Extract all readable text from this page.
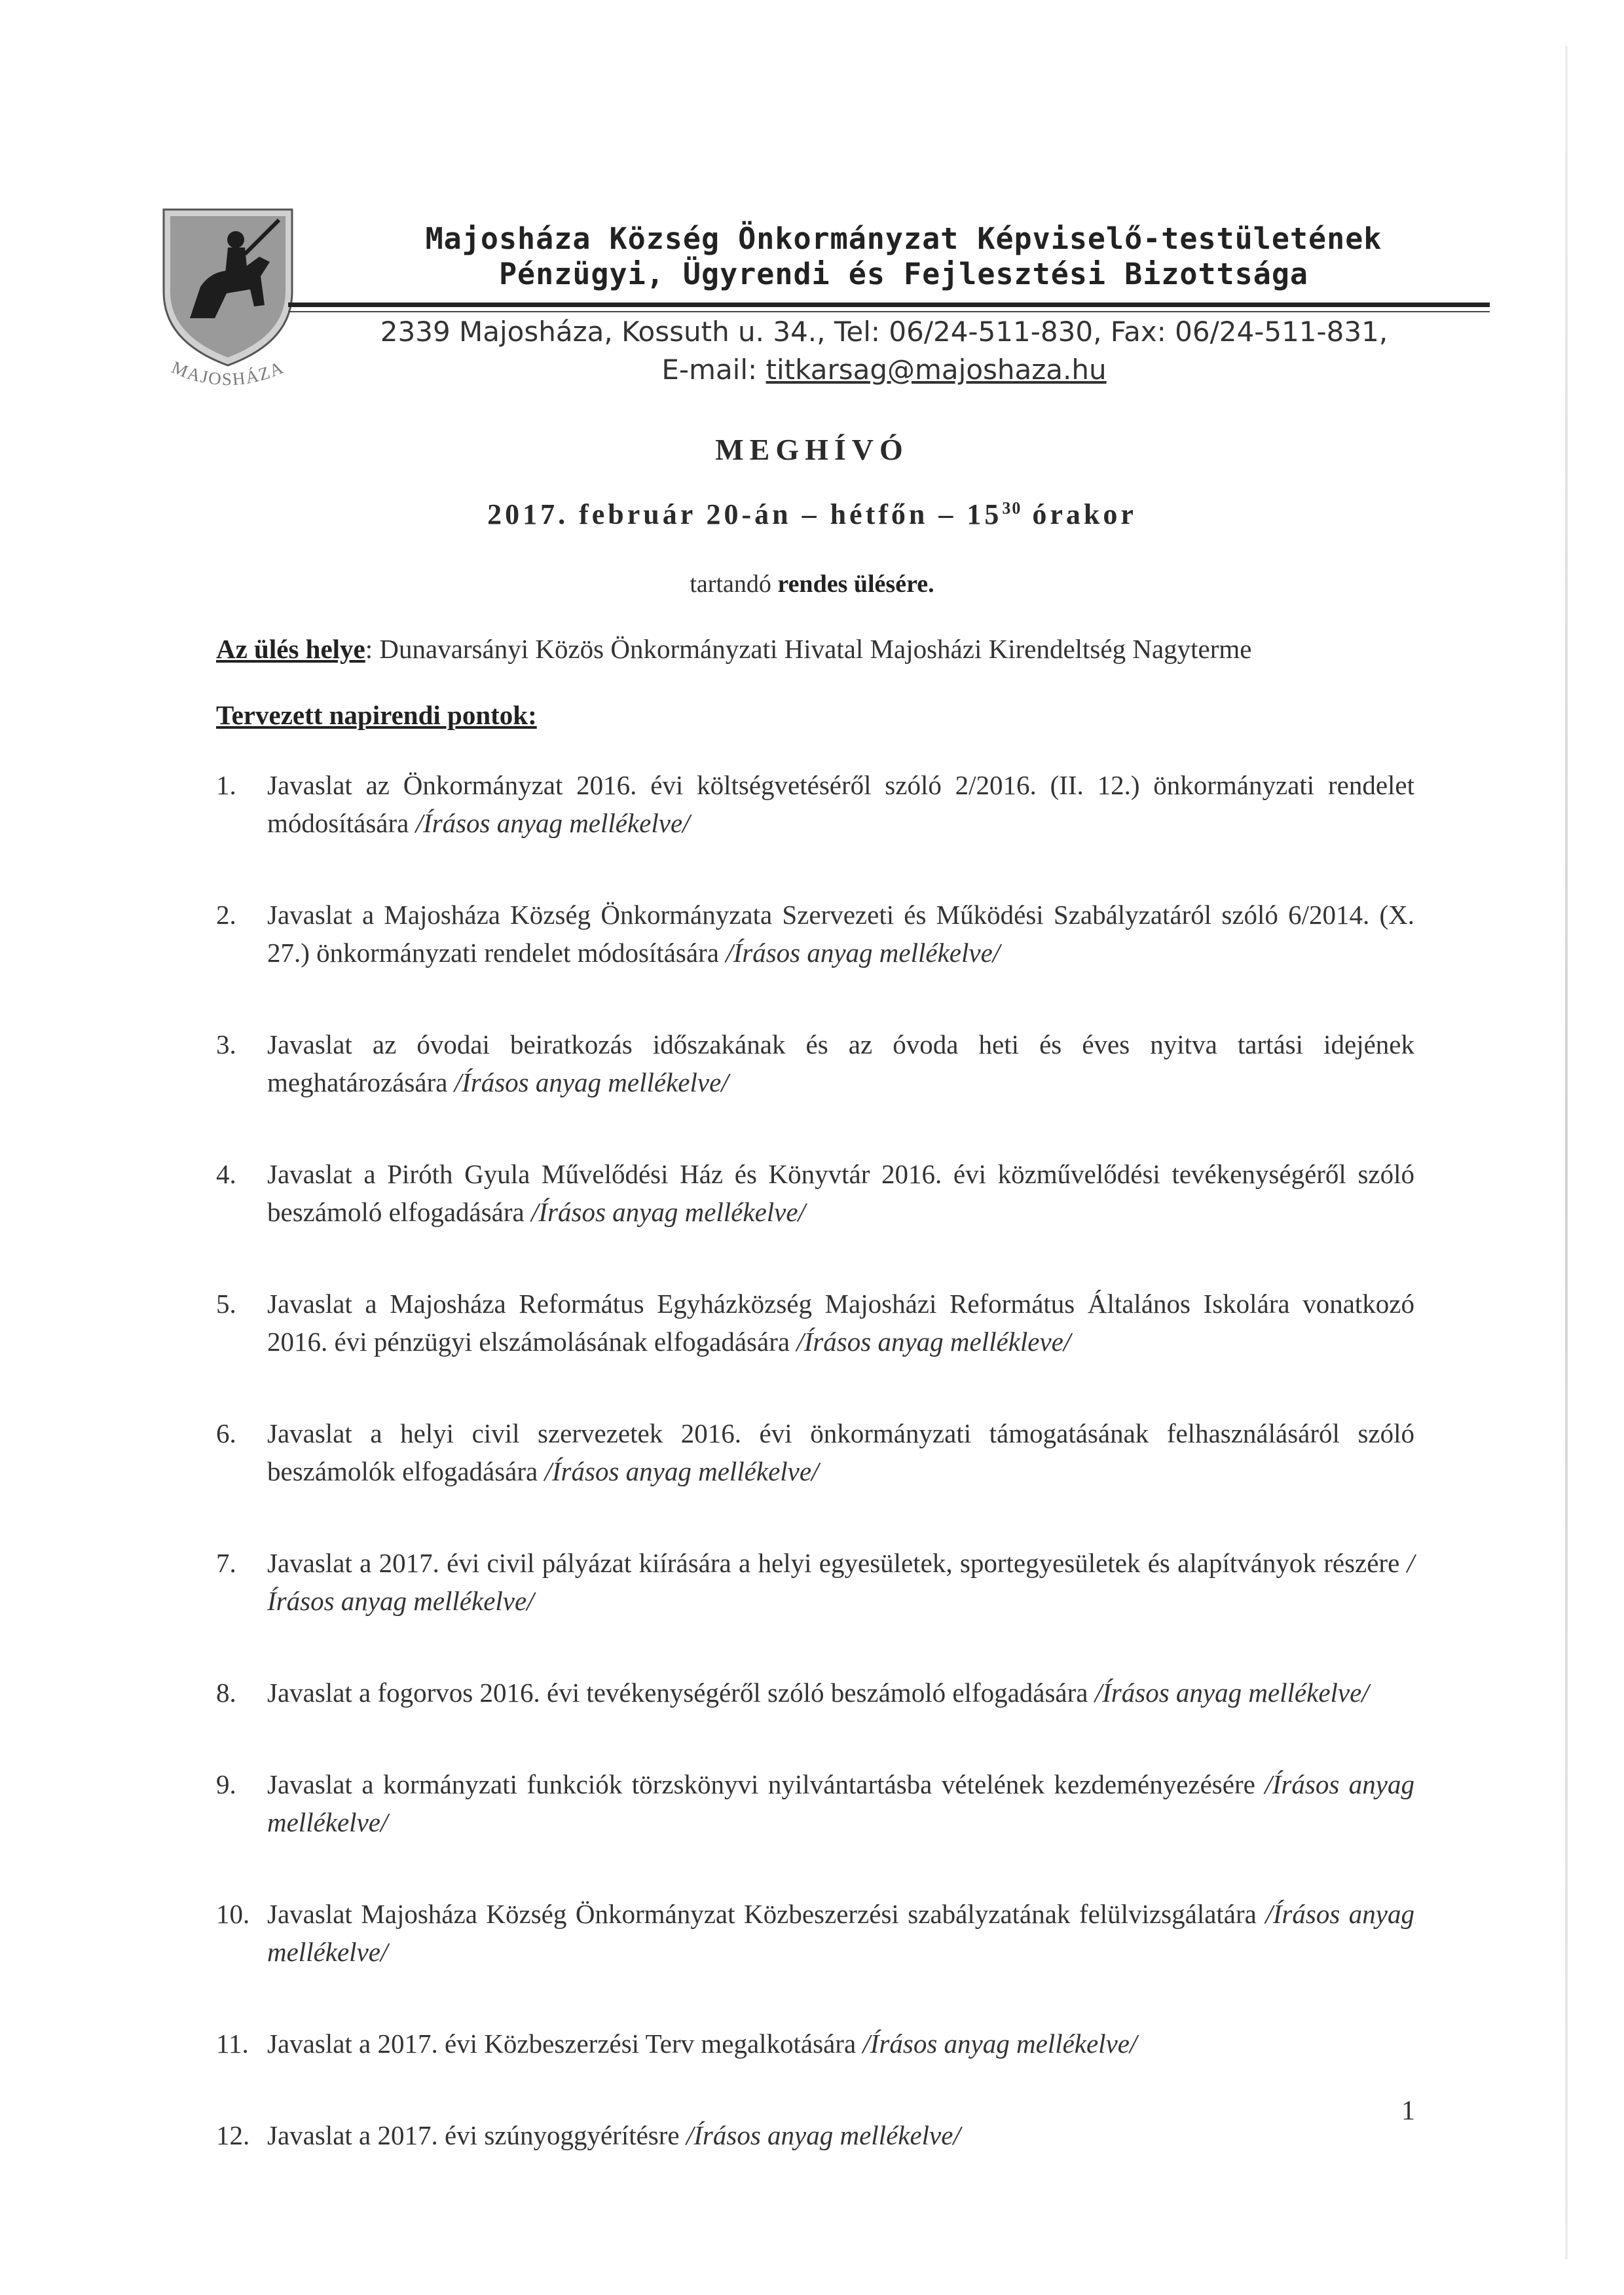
MAJOSHÁZA
Majosháza Község Önkormányzat Képviselő-testületének
Pénzügyi, Ügyrendi és Fejlesztési Bizottsága
2339 Majosháza, Kossuth u. 34., Tel: 06/24-511-830, Fax: 06/24-511-831,
E-mail: titkarsag@majoshaza.hu
MEGHÍVÓ
2017. február 20-án – hétfőn – $15^{30}$ órakor
tartandó rendes ülésére.
Az ülés helye: Dunavarsányi Közös Önkormányzati Hivatal Majosházi Kirendeltség Nagyterme
Tervezett napirendi pontok:
1. Javaslat az Önkormányzat 2016. évi költségvetéséről szóló 2/2016. (II. 12.) önkormányzati rendelet módosítására /Írásos anyag mellékelve/
2. Javaslat a Majosháza Község Önkormányzata Szervezeti és Működési Szabályzatáról szóló 6/2014. (X. 27.) önkormányzati rendelet módosítására /Írásos anyag mellékelve/
3. Javaslat az óvodai beiratkozás időszakának és az óvoda heti és éves nyitva tartási idejének meghatározására /Írásos anyag mellékelve/
4. Javaslat a Piróth Gyula Művelődési Ház és Könyvtár 2016. évi közművelődési tevékenységéről szóló beszámoló elfogadására /Írásos anyag mellékelve/
5. Javaslat a Majosháza Református Egyházközség Majosházi Református Általános Iskolára vonatkozó 2016. évi pénzügyi elszámolásának elfogadására /Írásos anyag mellékleve/
6. Javaslat a helyi civil szervezetek 2016. évi önkormányzati támogatásának felhasználásáról szóló beszámolók elfogadására /Írásos anyag mellékelve/
7. Javaslat a 2017. évi civil pályázat kiírására a helyi egyesületek, sportegyesületek és alapítványok részére /Írásos anyag mellékelve/
8. Javaslat a fogorvos 2016. évi tevékenységéről szóló beszámoló elfogadására /Írásos anyag mellékelve/
9. Javaslat a kormányzati funkciók törzskönyvi nyilvántartásba vételének kezdeményezésére /Írásos anyag mellékelve/
10. Javaslat Majosháza Község Önkormányzat Közbeszerzési szabályzatának felülvizsgálatára /Írásos anyag mellékelve/
11. Javaslat a 2017. évi Közbeszerzési Terv megalkotására /Írásos anyag mellékelve/
12. Javaslat a 2017. évi szúnyoggyérítésre /Írásos anyag mellékelve/
1
